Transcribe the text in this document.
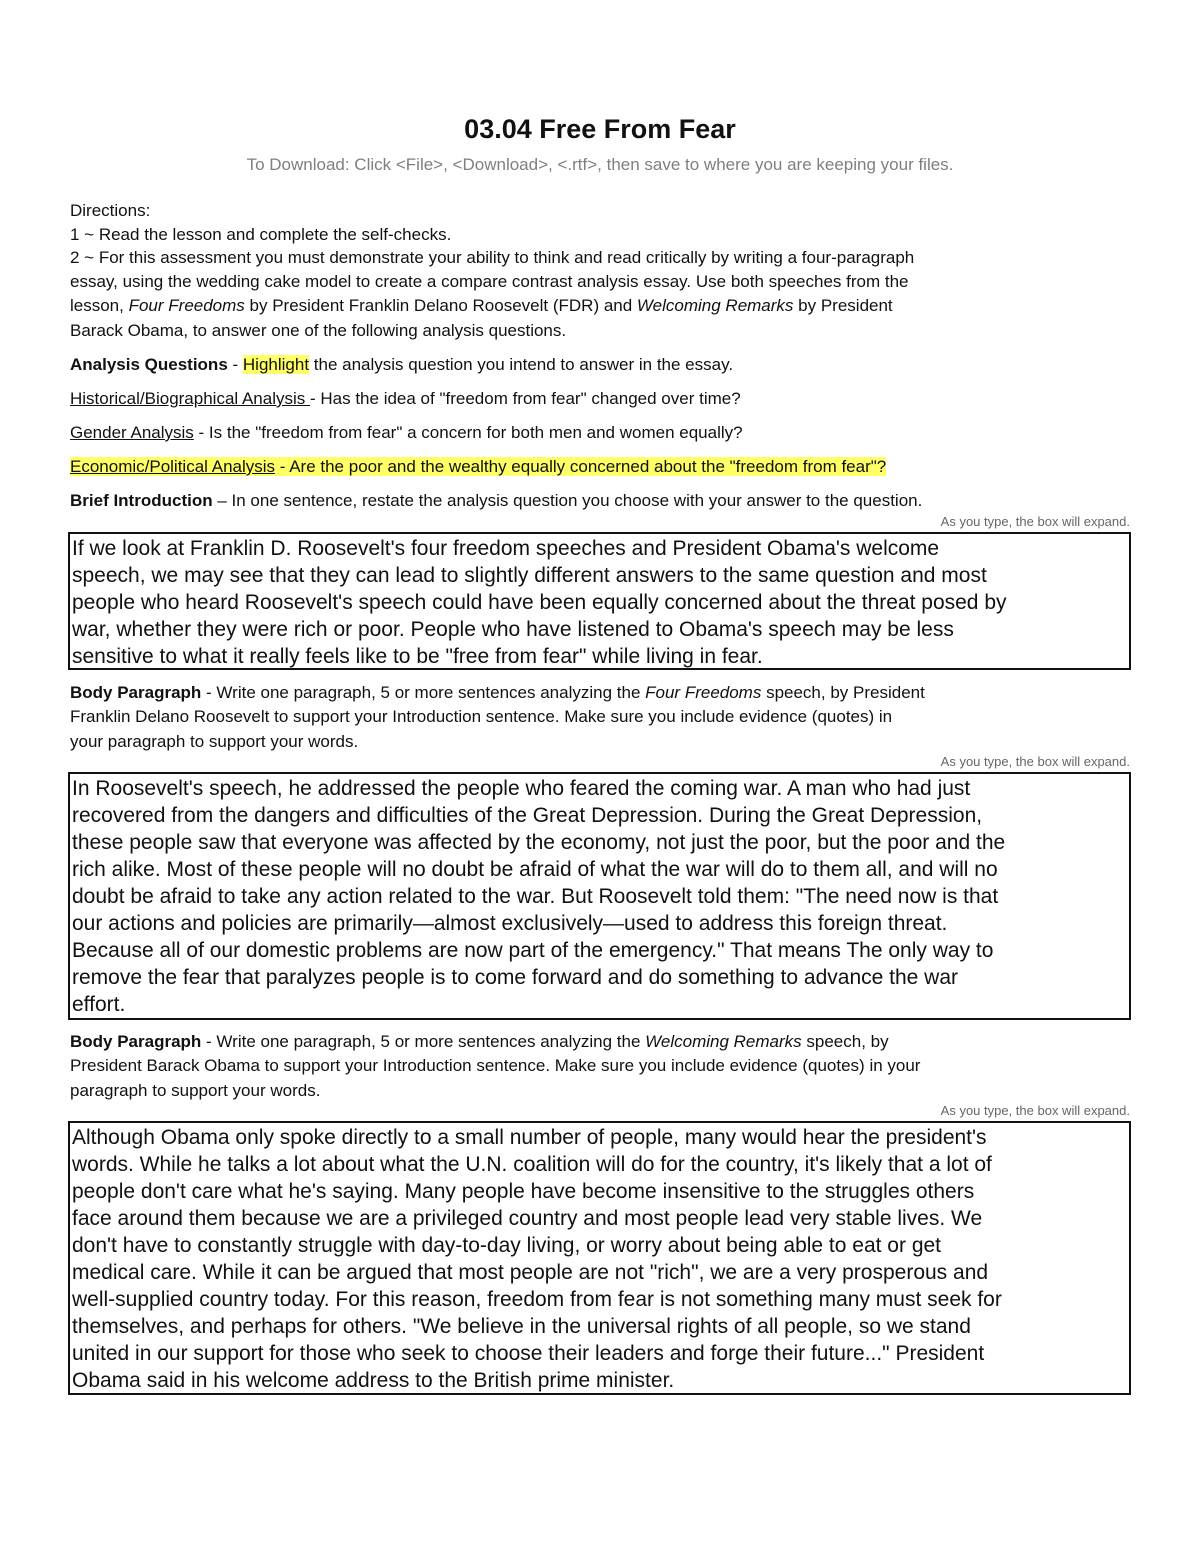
03.04 Free From Fear
To Download: Click <File>, <Download>, <.rtf>, then save to where you are keeping your files.
Directions:
1 ~ Read the lesson and complete the self-checks.
2 ~ For this assessment you must demonstrate your ability to think and read critically by writing a four-paragraph
essay, using the wedding cake model to create a compare contrast analysis essay. Use both speeches from the
lesson, Four Freedoms by President Franklin Delano Roosevelt (FDR) and Welcoming Remarks by President
Barack Obama, to answer one of the following analysis questions.
Analysis Questions - Highlight the analysis question you intend to answer in the essay.
Historical/Biographical Analysis - Has the idea of "freedom from fear" changed over time?
Gender Analysis - Is the "freedom from fear" a concern for both men and women equally?
Economic/Political Analysis - Are the poor and the wealthy equally concerned about the "freedom from fear"?
Brief Introduction – In one sentence, restate the analysis question you choose with your answer to the question.
As you type, the box will expand.
If we look at Franklin D. Roosevelt's four freedom speeches and President Obama's welcome
speech, we may see that they can lead to slightly different answers to the same question and most
people who heard Roosevelt's speech could have been equally concerned about the threat posed by
war, whether they were rich or poor. People who have listened to Obama's speech may be less
sensitive to what it really feels like to be "free from fear" while living in fear.
Body Paragraph - Write one paragraph, 5 or more sentences analyzing the Four Freedoms speech, by President
Franklin Delano Roosevelt to support your Introduction sentence. Make sure you include evidence (quotes) in
your paragraph to support your words.
As you type, the box will expand.
In Roosevelt's speech, he addressed the people who feared the coming war. A man who had just
recovered from the dangers and difficulties of the Great Depression. During the Great Depression,
these people saw that everyone was affected by the economy, not just the poor, but the poor and the
rich alike. Most of these people will no doubt be afraid of what the war will do to them all, and will no
doubt be afraid to take any action related to the war. But Roosevelt told them: "The need now is that
our actions and policies are primarily—almost exclusively—used to address this foreign threat.
Because all of our domestic problems are now part of the emergency." That means The only way to
remove the fear that paralyzes people is to come forward and do something to advance the war
effort.
Body Paragraph - Write one paragraph, 5 or more sentences analyzing the Welcoming Remarks speech, by
President Barack Obama to support your Introduction sentence. Make sure you include evidence (quotes) in your
paragraph to support your words.
As you type, the box will expand.
Although Obama only spoke directly to a small number of people, many would hear the president's
words. While he talks a lot about what the U.N. coalition will do for the country, it's likely that a lot of
people don't care what he's saying. Many people have become insensitive to the struggles others
face around them because we are a privileged country and most people lead very stable lives. We
don't have to constantly struggle with day-to-day living, or worry about being able to eat or get
medical care. While it can be argued that most people are not "rich", we are a very prosperous and
well-supplied country today. For this reason, freedom from fear is not something many must seek for
themselves, and perhaps for others. "We believe in the universal rights of all people, so we stand
united in our support for those who seek to choose their leaders and forge their future..." President
Obama said in his welcome address to the British prime minister.
